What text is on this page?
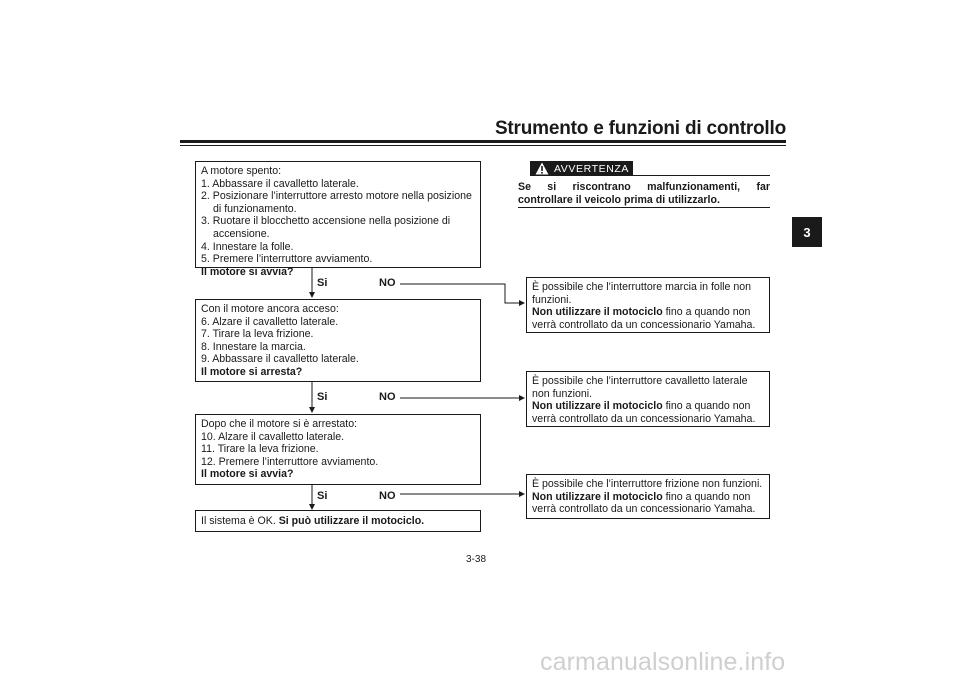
Strumento e funzioni di controllo
3
A motore spento:
1. Abbassare il cavalletto laterale.
2. Posizionare l’interruttore arresto motore nella posizione
di funzionamento.
3. Ruotare il blocchetto accensione nella posizione di
accensione.
4. Innestare la folle.
5. Premere l’interruttore avviamento.
Il motore si avvia?
Si	NO
Con il motore ancora acceso:
6. Alzare il cavalletto laterale.
7. Tirare la leva frizione.
8. Innestare la marcia.
9. Abbassare il cavalletto laterale.
Il motore si arresta?
Si	NO
Dopo che il motore si è arrestato:
10. Alzare il cavalletto laterale.
11. Tirare la leva frizione.
12. Premere l’interruttore avviamento.
Il motore si avvia?
Si	NO
Il sistema è OK. Si può utilizzare il motociclo.
AVVERTENZA
Se si riscontrano malfunzionamenti, far controllare il veicolo prima di utilizzarlo.
È possibile che l’interruttore marcia in folle non
funzioni.
Non utilizzare il motociclo fino a quando non
verrà controllato da un concessionario Yamaha.
È possibile che l’interruttore cavalletto laterale
non funzioni.
Non utilizzare il motociclo fino a quando non
verrà controllato da un concessionario Yamaha.
È possibile che l’interruttore frizione non funzioni.
Non utilizzare il motociclo fino a quando non
verrà controllato da un concessionario Yamaha.
3-38
carmanualsonline.info
